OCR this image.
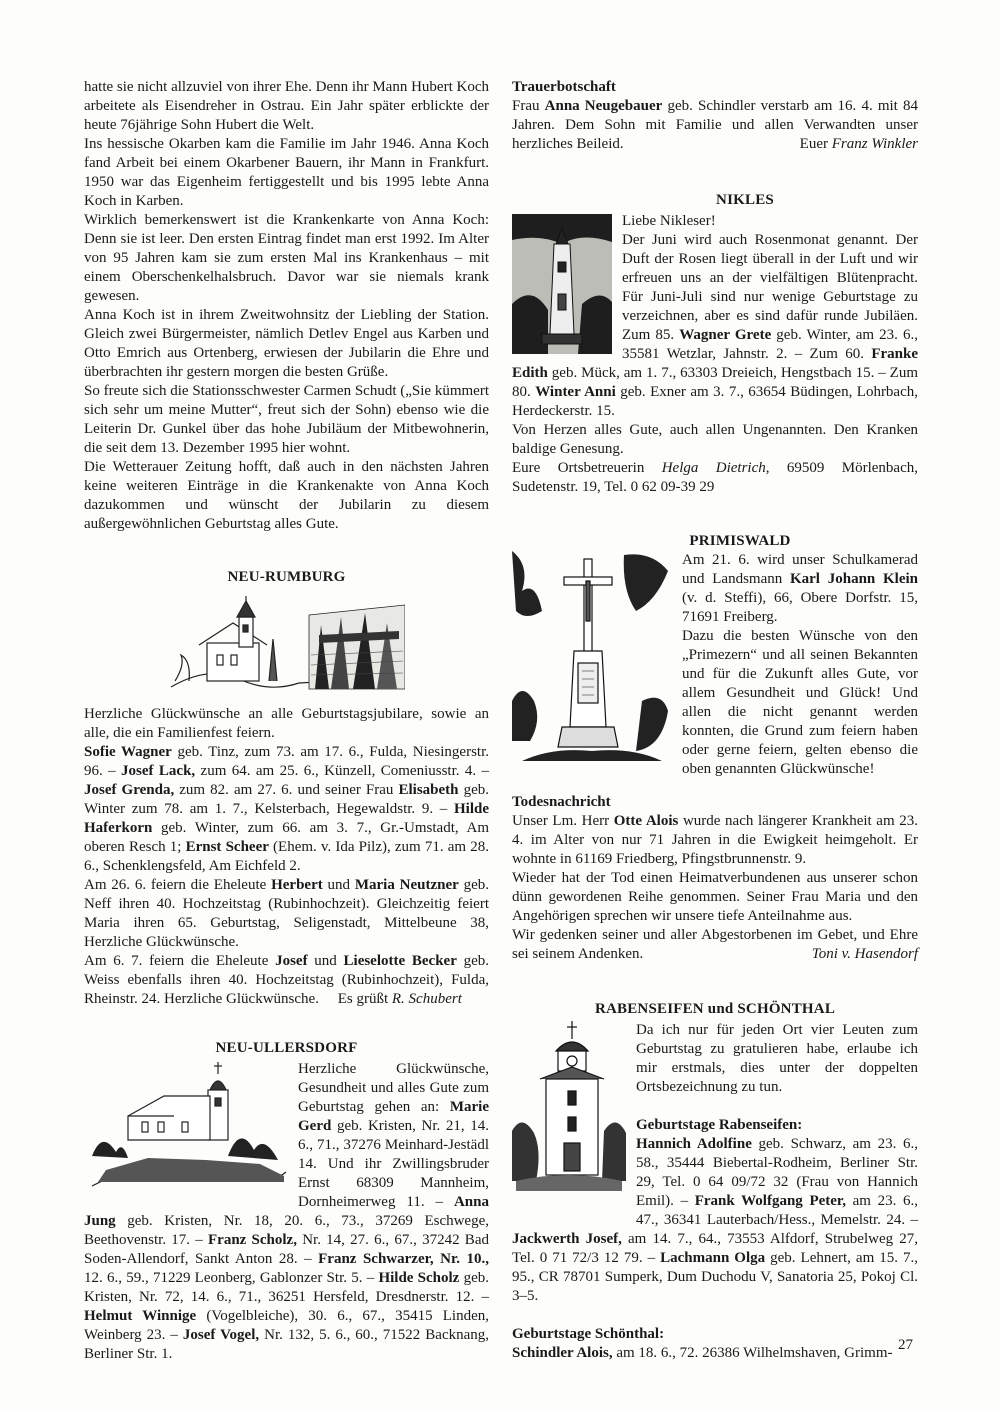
hatte sie nicht allzuviel von ihrer Ehe. Denn ihr Mann Hubert Koch arbeitete als Eisendreher in Ostrau. Ein Jahr später erblickte der heute 76jährige Sohn Hubert die Welt.

Ins hessische Okarben kam die Familie im Jahr 1946. Anna Koch fand Arbeit bei einem Okarbener Bauern, ihr Mann in Frankfurt. 1950 war das Eigenheim fertiggestellt und bis 1995 lebte Anna Koch in Karben.

Wirklich bemerkenswert ist die Krankenkarte von Anna Koch: Denn sie ist leer. Den ersten Eintrag findet man erst 1992. Im Alter von 95 Jahren kam sie zum ersten Mal ins Krankenhaus – mit einem Oberschenkelhalsbruch. Davor war sie niemals krank gewesen.

Anna Koch ist in ihrem Zweitwohnsitz der Liebling der Station. Gleich zwei Bürgermeister, nämlich Detlev Engel aus Karben und Otto Emrich aus Ortenberg, erwiesen der Jubilarin die Ehre und überbrachten ihr gestern morgen die besten Grüße.

So freute sich die Stationsschwester Carmen Schudt („Sie kümmert sich sehr um meine Mutter“, freut sich der Sohn) ebenso wie die Leiterin Dr. Gunkel über das hohe Jubiläum der Mitbewohnerin, die seit dem 13. Dezember 1995 hier wohnt.

Die Wetterauer Zeitung hofft, daß auch in den nächsten Jahren keine weiteren Einträge in die Krankenakte von Anna Koch dazukommen und wünscht der Jubilarin zu diesem außergewöhnlichen Geburtstag alles Gute.

NEU-RUMBURG

Herzliche Glückwünsche an alle Geburtstagsjubilare, sowie an alle, die ein Familienfest feiern.

Sofie Wagner geb. Tinz, zum 73. am 17. 6., Fulda, Niesingerstr. 96. – Josef Lack, zum 64. am 25. 6., Künzell, Comeniusstr. 4. – Josef Grenda, zum 82. am 27. 6. und seiner Frau Elisabeth geb. Winter zum 78. am 1. 7., Kelsterbach, Hegewaldstr. 9. – Hilde Haferkorn geb. Winter, zum 66. am 3. 7., Gr.-Umstadt, Am oberen Resch 1; Ernst Scheer (Ehem. v. Ida Pilz), zum 71. am 28. 6., Schenklengsfeld, Am Eichfeld 2.

Am 26. 6. feiern die Eheleute Herbert und Maria Neutzner geb. Neff ihren 40. Hochzeitstag (Rubinhochzeit). Gleichzeitig feiert Maria ihren 65. Geburtstag, Seligenstadt, Mittelbeune 38, Herzliche Glückwünsche.

Am 6. 7. feiern die Eheleute Josef und Lieselotte Becker geb. Weiss ebenfalls ihren 40. Hochzeitstag (Rubinhochzeit), Fulda, Rheinstr. 24. Herzliche Glückwünsche. Es grüßt R. Schubert

NEU-ULLERSDORF

Herzliche Glückwünsche, Gesundheit und alles Gute zum Geburtstag gehen an: Marie Gerd geb. Kristen, Nr. 21, 14. 6., 71., 37276 Meinhard-Jestädl 14. Und ihr Zwillingsbruder Ernst 68309 Mannheim, Dornheimerweg 11. – Anna Jung geb. Kristen, Nr. 18, 20. 6., 73., 37269 Eschwege, Beethovenstr. 17. – Franz Scholz, Nr. 14, 27. 6., 67., 37242 Bad Soden-Allendorf, Sankt Anton 28. – Franz Schwarzer, Nr. 10., 12. 6., 59., 71229 Leonberg, Gablonzer Str. 5. – Hilde Scholz geb. Kristen, Nr. 72, 14. 6., 71., 36251 Hersfeld, Dresdnerstr. 12. – Helmut Winnige (Vogelbleiche), 30. 6., 67., 35415 Linden, Weinberg 23. – Josef Vogel, Nr. 132, 5. 6., 60., 71522 Backnang, Berliner Str. 1.

Trauerbotschaft

Frau Anna Neugebauer geb. Schindler verstarb am 16. 4. mit 84 Jahren. Dem Sohn mit Familie und allen Verwandten unser herzliches Beileid.	Euer Franz Winkler

NIKLES

Liebe Nikleser!

Der Juni wird auch Rosenmonat genannt. Der Duft der Rosen liegt überall in der Luft und wir erfreuen uns an der vielfältigen Blütenpracht. Für Juni-Juli sind nur wenige Geburtstage zu verzeichnen, aber es sind dafür runde Jubiläen. Zum 85. Wagner Grete geb. Winter, am 23. 6., 35581 Wetzlar, Jahnstr. 2. – Zum 60. Franke Edith geb. Mück, am 1. 7., 63303 Dreieich, Hengstbach 15. – Zum 80. Winter Anni geb. Exner am 3. 7., 63654 Büdingen, Lohrbach, Herdeckerstr. 15.

Von Herzen alles Gute, auch allen Ungenannten. Den Kranken baldige Genesung.

Eure Ortsbetreuerin Helga Dietrich, 69509 Mörlenbach, Sudetenstr. 19, Tel. 0 62 09-39 29

PRIMISWALD

Am 21. 6. wird unser Schulkamerad und Landsmann Karl Johann Klein (v. d. Steffi), 66, Obere Dorfstr. 15, 71691 Freiberg.

Dazu die besten Wünsche von den „Primezern“ und all seinen Bekannten und für die Zukunft alles Gute, vor allem Gesundheit und Glück! Und allen die nicht genannt werden konnten, die Grund zum feiern haben oder gerne feiern, gelten ebenso die oben genannten Glückwünsche!

Todesnachricht

Unser Lm. Herr Otte Alois wurde nach längerer Krankheit am 23. 4. im Alter von nur 71 Jahren in die Ewigkeit heimgeholt. Er wohnte in 61169 Friedberg, Pfingstbrunnenstr. 9.

Wieder hat der Tod einen Heimatverbundenen aus unserer schon dünn gewordenen Reihe genommen. Seiner Frau Maria und den Angehörigen sprechen wir unsere tiefe Anteilnahme aus.

Wir gedenken seiner und aller Abgestorbenen im Gebet, und Ehre sei seinem Andenken.	Toni v. Hasendorf

RABENSEIFEN und SCHÖNTHAL

Da ich nur für jeden Ort vier Leuten zum Geburtstag zu gratulieren habe, erlaube ich mir erstmals, dies unter der doppelten Ortsbezeichnung zu tun.

Geburtstage Rabenseifen:

Hannich Adolfine geb. Schwarz, am 23. 6., 58., 35444 Biebertal-Rodheim, Berliner Str. 29, Tel. 0 64 09/72 32 (Frau von Hannich Emil). – Frank Wolfgang Peter, am 23. 6., 47., 36341 Lauterbach/Hess., Memelstr. 24. – Jackwerth Josef, am 14. 7., 64., 73553 Alfdorf, Strubelweg 27, Tel. 0 71 72/3 12 79. – Lachmann Olga geb. Lehnert, am 15. 7., 95., CR 78701 Sumperk, Dum Duchodu V, Sanatoria 25, Pokoj Cl. 3–5.

Geburtstage Schönthal:

Schindler Alois, am 18. 6., 72. 26386 Wilhelmshaven, Grimm- 27
